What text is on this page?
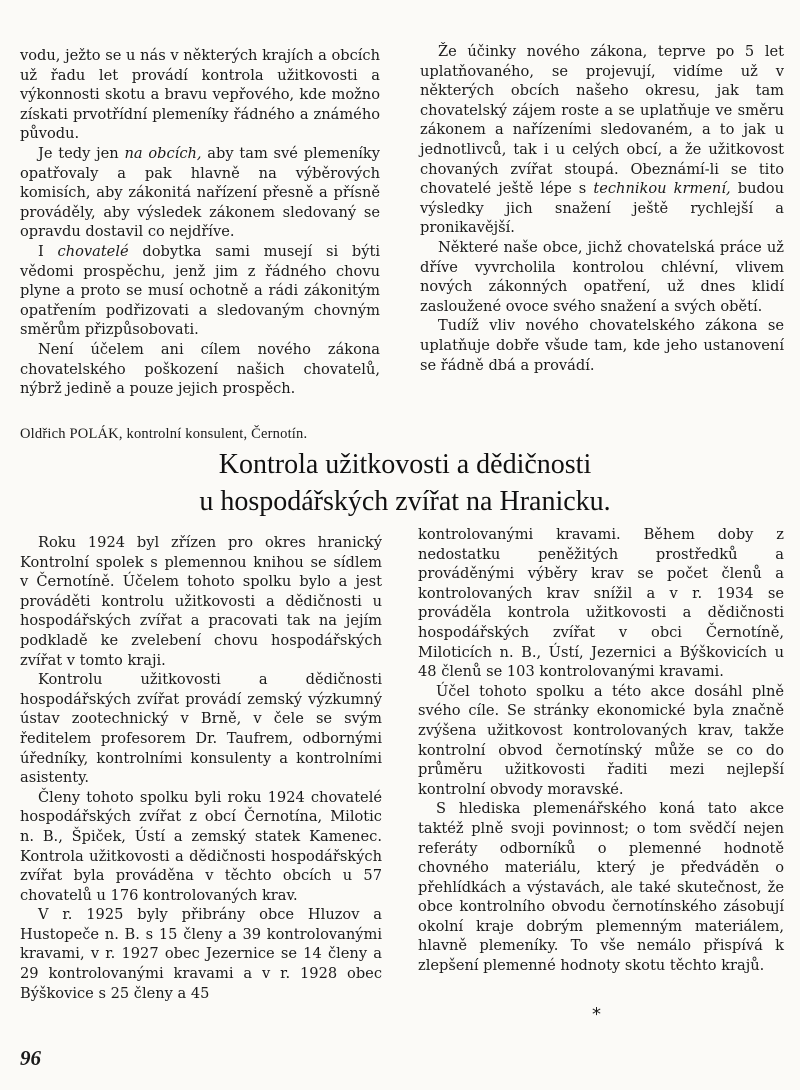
vodu, ježto se u nás v některých krajích a obcích už řadu let provádí kontrola užitkovosti a výkonnosti skotu a bravu vepřového, kde možno získati prvotřídní plemeníky řádného a známého původu.

Je tedy jen na obcích, aby tam své plemeníky opatřovaly a pak hlavně na výběrových komisích, aby zákonitá nařízení přesně a přísně prováděly, aby výsledek zákonem sledovaný se opravdu dostavil co nejdříve.

I chovatelé dobytka sami musejí si býti vědomi prospěchu, jenž jim z řádného chovu plyne a proto se musí ochotně a rádi zákonitým opatřením podřizovati a sledovaným chovným směrům přizpůsobovati.

Není účelem ani cílem nového zákona chovatelského poškození našich chovatelů, nýbrž jedině a pouze jejich prospěch.

Že účinky nového zákona, teprve po 5 let uplatňovaného, se projevují, vidíme už v některých obcích našeho okresu, jak tam chovatelský zájem roste a se uplatňuje ve směru zákonem a nařízeními sledovaném, a to jak u jednotlivců, tak i u celých obcí, a že užitkovost chovaných zvířat stoupá. Obeznámí-li se tito chovatelé ještě lépe s technikou krmení, budou výsledky jich snažení ještě rychlejší a pronikavější.

Některé naše obce, jichž chovatelská práce už dříve vyvrcholila kontrolou chlévní, vlivem nových zákonných opatření, už dnes klidí zasloužené ovoce svého snažení a svých obětí.

Tudíž vliv nového chovatelského zákona se uplatňuje dobře všude tam, kde jeho ustanovení se řádně dbá a provádí.

Oldřich POLÁK, kontrolní konsulent, Černotín.
Kontrola užitkovosti a dědičnosti
u hospodářských zvířat na Hranicku.

Roku 1924 byl zřízen pro okres hranický Kontrolní spolek s plemennou knihou se sídlem v Černotíně. Účelem tohoto spolku bylo a jest prováděti kontrolu užitkovosti a dědičnosti u hospodářských zvířat a pracovati tak na jejím podkladě ke zvelebení chovu hospodářských zvířat v tomto kraji.

Kontrolu užitkovosti a dědičnosti hospodářských zvířat provádí zemský výzkumný ústav zootechnický v Brně, v čele se svým ředitelem profesorem Dr. Taufrem, odbornými úředníky, kontrolními konsulenty a kontrolními asistenty.

Členy tohoto spolku byli roku 1924 chovatelé hospodářských zvířat z obcí Černotína, Milotic n. B., Špiček, Ústí a zemský statek Kamenec. Kontrola užitkovosti a dědičnosti hospodářských zvířat byla prováděna v těchto obcích u 57 chovatelů u 176 kontrolovaných krav.

V r. 1925 byly přibrány obce Hluzov a Hustopeče n. B. s 15 členy a 39 kontrolovanými kravami, v r. 1927 obec Jezernice se 14 členy a 29 kontrolovanými kravami a v r. 1928 obec Býškovice s 25 členy a 45

kontrolovanými kravami. Během doby z nedostatku peněžitých prostředků a prováděnými výběry krav se počet členů a kontrolovaných krav snížil a v r. 1934 se prováděla kontrola užitkovosti a dědičnosti hospodářských zvířat v obci Černotíně, Miloticích n. B., Ústí, Jezernici a Býškovicích u 48 členů se 103 kontrolovanými kravami.

Účel tohoto spolku a této akce dosáhl plně svého cíle. Se stránky ekonomické byla značně zvýšena užitkovost kontrolovaných krav, takže kontrolní obvod černotínský může se co do průměru užitkovosti řaditi mezi nejlepší kontrolní obvody moravské.

S hlediska plemenářského koná tato akce taktéž plně svoji povinnost; o tom svědčí nejen referáty odborníků o plemenné hodnotě chovného materiálu, který je předváděn o přehlídkách a výstavách, ale také skutečnost, že obce kontrolního obvodu černotínského zásobují okolní kraje dobrým plemenným materiálem, hlavně plemeníky. To vše nemálo přispívá k zlepšení plemenné hodnoty skotu těchto krajů.

*
96
